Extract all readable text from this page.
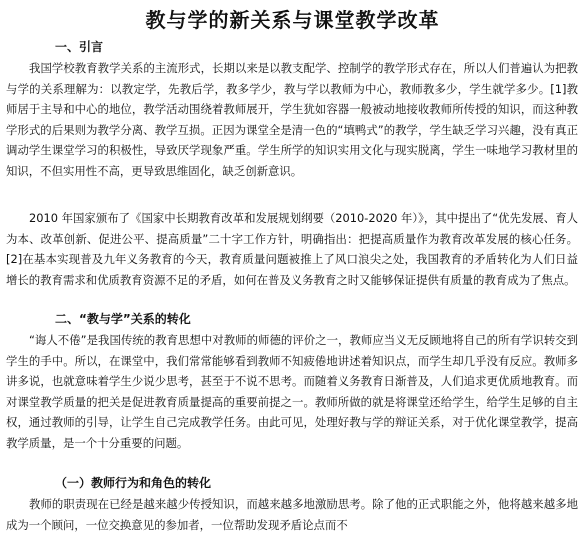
教与学的新关系与课堂教学改革
一、引言

我国学校教育教学关系的主流形式，长期以来是以教支配学、控制学的教学形式存在，所以人们普遍认为把教与学的关系理解为：以教定学，先教后学，教多学少，教与学以教师为中心，教师教多少，学生就学多少。[1]教师居于主导和中心的地位，教学活动围绕着教师展开，学生犹如容器一般被动地接收教师所传授的知识，而这种教学形式的后果则为教学分离、教学互损。正因为课堂全是清一色的“填鸭式”的教学，学生缺乏学习兴趣，没有真正调动学生课堂学习的积极性，导致厌学现象严重。学生所学的知识实用文化与现实脱离，学生一味地学习教材里的知识，不但实用性不高，更导致思维固化，缺乏创新意识。

2010 年国家颁布了《国家中长期教育改革和发展规划纲要（2010-2020 年）》，其中提出了“优先发展、育人为本、改革创新、促进公平、提高质量”二十字工作方针，明确指出：把提高质量作为教育改革发展的核心任务。[2]在基本实现普及九年义务教育的今天，教育质量问题被推上了风口浪尖之处，我国教育的矛盾转化为人们日益增长的教育需求和优质教育资源不足的矛盾，如何在普及义务教育之时又能够保证提供有质量的教育成为了焦点。

二、“教与学”关系的转化

“诲人不倦”是我国传统的教育思想中对教师的师德的评价之一，教师应当义无反顾地将自己的所有学识转交到学生的手中。所以，在课堂中，我们常常能够看到教师不知疲倦地讲述着知识点，而学生却几乎没有反应。教师多讲多说，也就意味着学生少说少思考，甚至于不说不思考。而随着义务教育日渐普及，人们追求更优质地教育。而对课堂教学质量的把关是促进教育质量提高的重要前提之一。教师所做的就是将课堂还给学生，给学生足够的自主权，通过教师的引导，让学生自己完成教学任务。由此可见，处理好教与学的辩证关系，对于优化课堂教学，提高教学质量，是一个十分重要的问题。

（一）教师行为和角色的转化

教师的职责现在已经是越来越少传授知识，而越来越多地激励思考。除了他的正式职能之外，他将越来越多地成为一个顾问，一位交换意见的参加者，一位帮助发现矛盾论点而不
